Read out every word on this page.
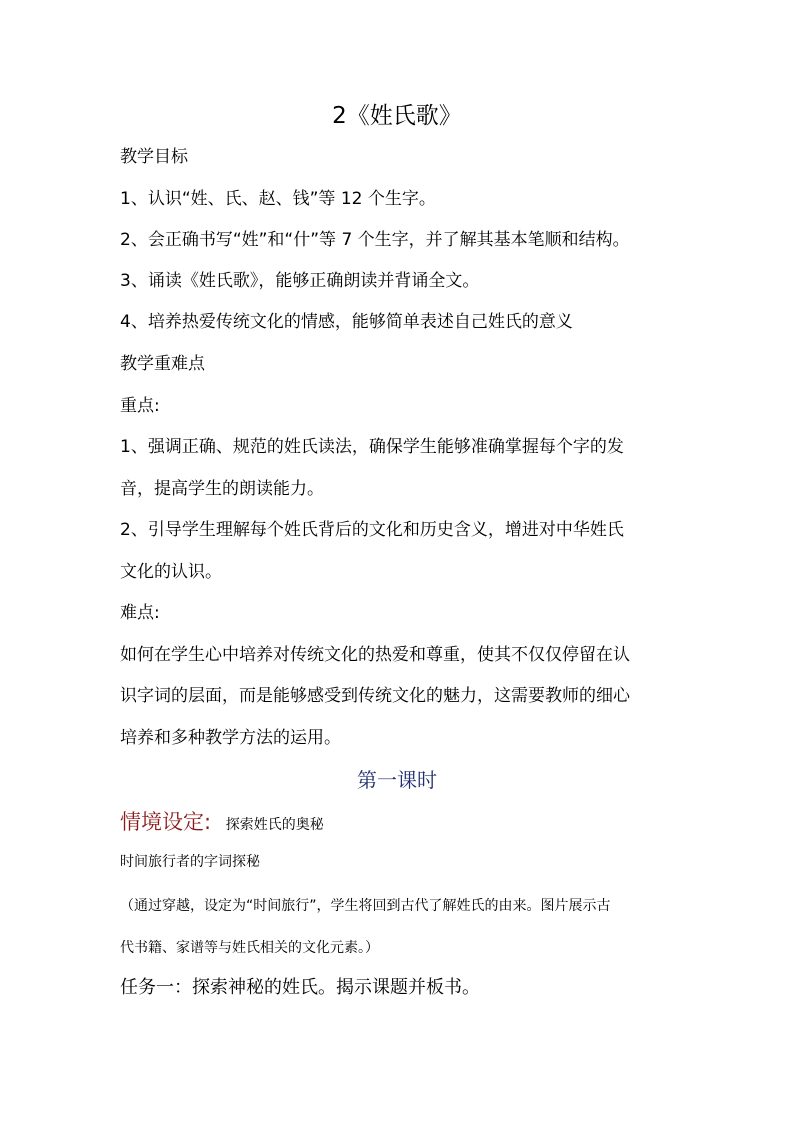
2《姓氏歌》
教学目标
1、认识“姓、氏、赵、钱”等 12 个生字。
2、会正确书写“姓”和“什”等 7 个生字，并了解其基本笔顺和结构。
3、诵读《姓氏歌》，能够正确朗读并背诵全文。
4、培养热爱传统文化的情感，能够简单表述自己姓氏的意义
教学重难点
重点:
1、强调正确、规范的姓氏读法，确保学生能够准确掌握每个字的发
音，提高学生的朗读能力。
2、引导学生理解每个姓氏背后的文化和历史含义，增进对中华姓氏
文化的认识。
难点:
如何在学生心中培养对传统文化的热爱和尊重，使其不仅仅停留在认
识字词的层面，而是能够感受到传统文化的魅力，这需要教师的细心
培养和多种教学方法的运用。
第一课时
情境设定: 探索姓氏的奥秘
时间旅行者的字词探秘
（通过穿越，设定为“时间旅行”，学生将回到古代了解姓氏的由来。图片展示古
代书籍、家谱等与姓氏相关的文化元素。）
任务一：探索神秘的姓氏。揭示课题并板书。
